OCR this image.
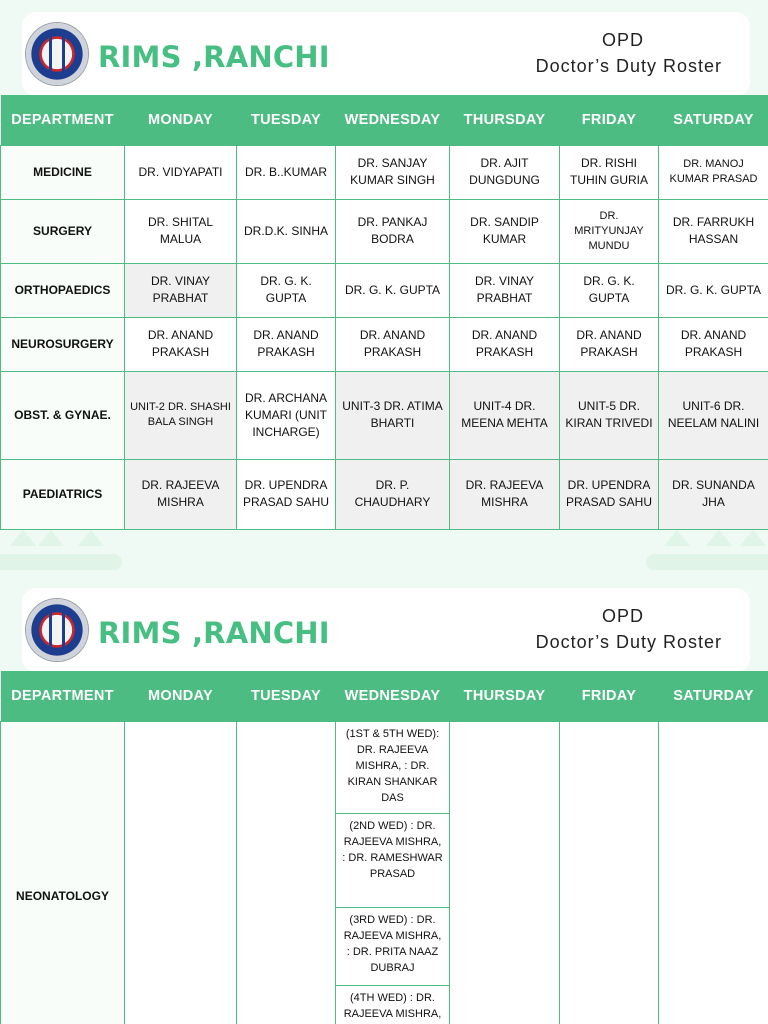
RIMS ,RANCHI	OPD
Doctor’s Duty Roster
DEPARTMENT	MONDAY	TUESDAY	WEDNESDAY	THURSDAY	FRIDAY	SATURDAY
MEDICINE	DR. VIDYAPATI	DR. B..KUMAR	DR. SANJAY KUMAR SINGH	DR. AJIT DUNGDUNG	DR. RISHI TUHIN GURIA	DR. MANOJ KUMAR PRASAD
SURGERY	DR. SHITAL MALUA	DR.D.K. SINHA	DR. PANKAJ BODRA	DR. SANDIP KUMAR	DR. MRITYUNJAY MUNDU	DR. FARRUKH HASSAN
ORTHOPAEDICS	DR. VINAY PRABHAT	DR. G. K. GUPTA	DR. G. K. GUPTA	DR. VINAY PRABHAT	DR. G. K. GUPTA	DR. G. K. GUPTA
NEUROSURGERY	DR. ANAND PRAKASH	DR. ANAND PRAKASH	DR. ANAND PRAKASH	DR. ANAND PRAKASH	DR. ANAND PRAKASH	DR. ANAND PRAKASH
OBST. & GYNAE.	UNIT-2 DR. SHASHI BALA SINGH	DR. ARCHANA KUMARI (UNIT INCHARGE)	UNIT-3 DR. ATIMA BHARTI	UNIT-4 DR. MEENA MEHTA	UNIT-5 DR. KIRAN TRIVEDI	UNIT-6 DR. NEELAM NALINI
PAEDIATRICS	DR. RAJEEVA MISHRA	DR. UPENDRA PRASAD SAHU	DR. P. CHAUDHARY	DR. RAJEEVA MISHRA	DR. UPENDRA PRASAD SAHU	DR. SUNANDA JHA
RIMS ,RANCHI	OPD
Doctor’s Duty Roster
DEPARTMENT	MONDAY	TUESDAY	WEDNESDAY	THURSDAY	FRIDAY	SATURDAY
NEONATOLOGY			(1ST & 5TH WED): DR. RAJEEVA MISHRA, : DR. KIRAN SHANKAR DAS
(2ND WED) : DR. RAJEEVA MISHRA, : DR. RAMESHWAR PRASAD
(3RD WED) : DR. RAJEEVA MISHRA, : DR. PRITA NAAZ DUBRAJ
(4TH WED) : DR. RAJEEVA MISHRA,			
